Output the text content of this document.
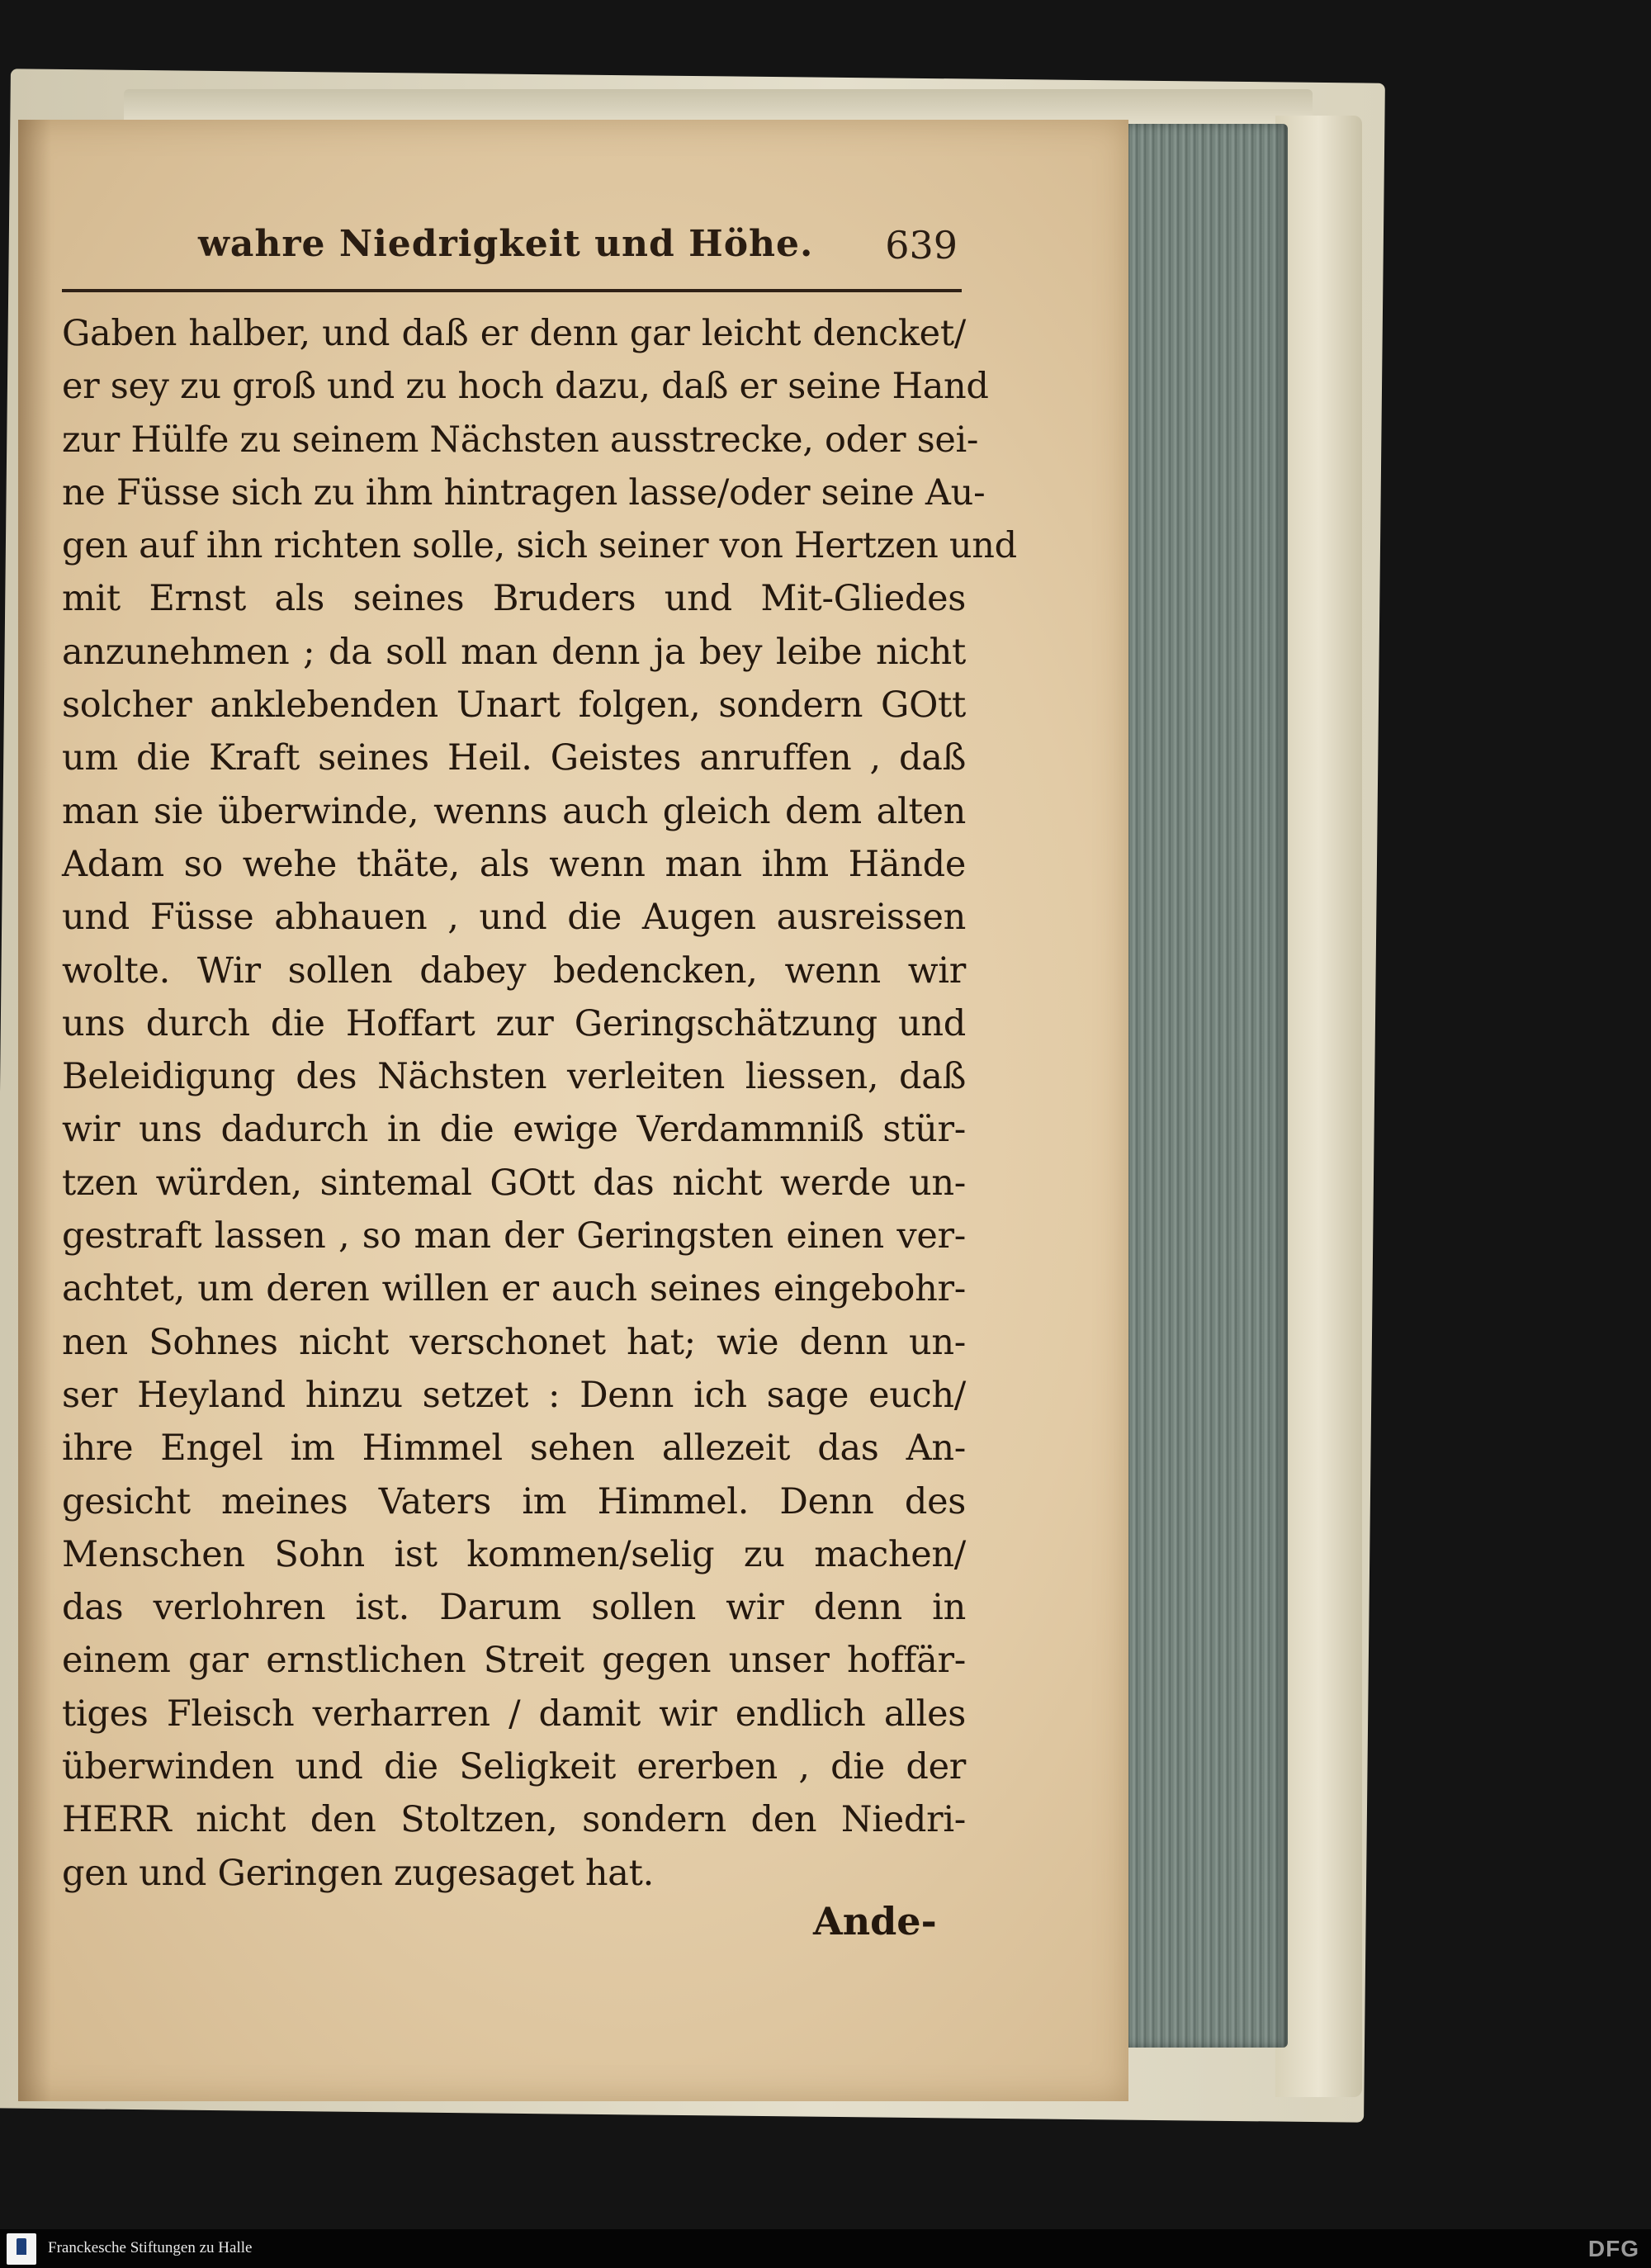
wahre Niedrigkeit und Höhe. 639
Gaben halber, und daß er denn gar leicht dencket/
er sey zu groß und zu hoch dazu, daß er seine Hand
zur Hülfe zu seinem Nächsten ausstrecke, oder sei-
ne Füsse sich zu ihm hintragen lasse/oder seine Au-
gen auf ihn richten solle, sich seiner von Hertzen und
mit Ernst als seines Bruders und Mit-Gliedes
anzunehmen ; da soll man denn ja bey leibe nicht
solcher anklebenden Unart folgen, sondern GOtt
um die Kraft seines Heil. Geistes anruffen , daß
man sie überwinde, wenns auch gleich dem alten
Adam so wehe thäte, als wenn man ihm Hände
und Füsse abhauen , und die Augen ausreissen
wolte. Wir sollen dabey bedencken, wenn wir
uns durch die Hoffart zur Geringschätzung und
Beleidigung des Nächsten verleiten liessen, daß
wir uns dadurch in die ewige Verdammniß stür-
tzen würden, sintemal GOtt das nicht werde un-
gestraft lassen , so man der Geringsten einen ver-
achtet, um deren willen er auch seines eingebohr-
nen Sohnes nicht verschonet hat; wie denn un-
ser Heyland hinzu setzet : Denn ich sage euch/
ihre Engel im Himmel sehen allezeit das An-
gesicht meines Vaters im Himmel. Denn des
Menschen Sohn ist kommen/selig zu machen/
das verlohren ist. Darum sollen wir denn in
einem gar ernstlichen Streit gegen unser hoffär-
tiges Fleisch verharren / damit wir endlich alles
überwinden und die Seligkeit ererben , die der
HERR nicht den Stoltzen, sondern den Niedri-
gen und Geringen zugesaget hat.
Ande-
Franckesche Stiftungen zu Halle	DFG
